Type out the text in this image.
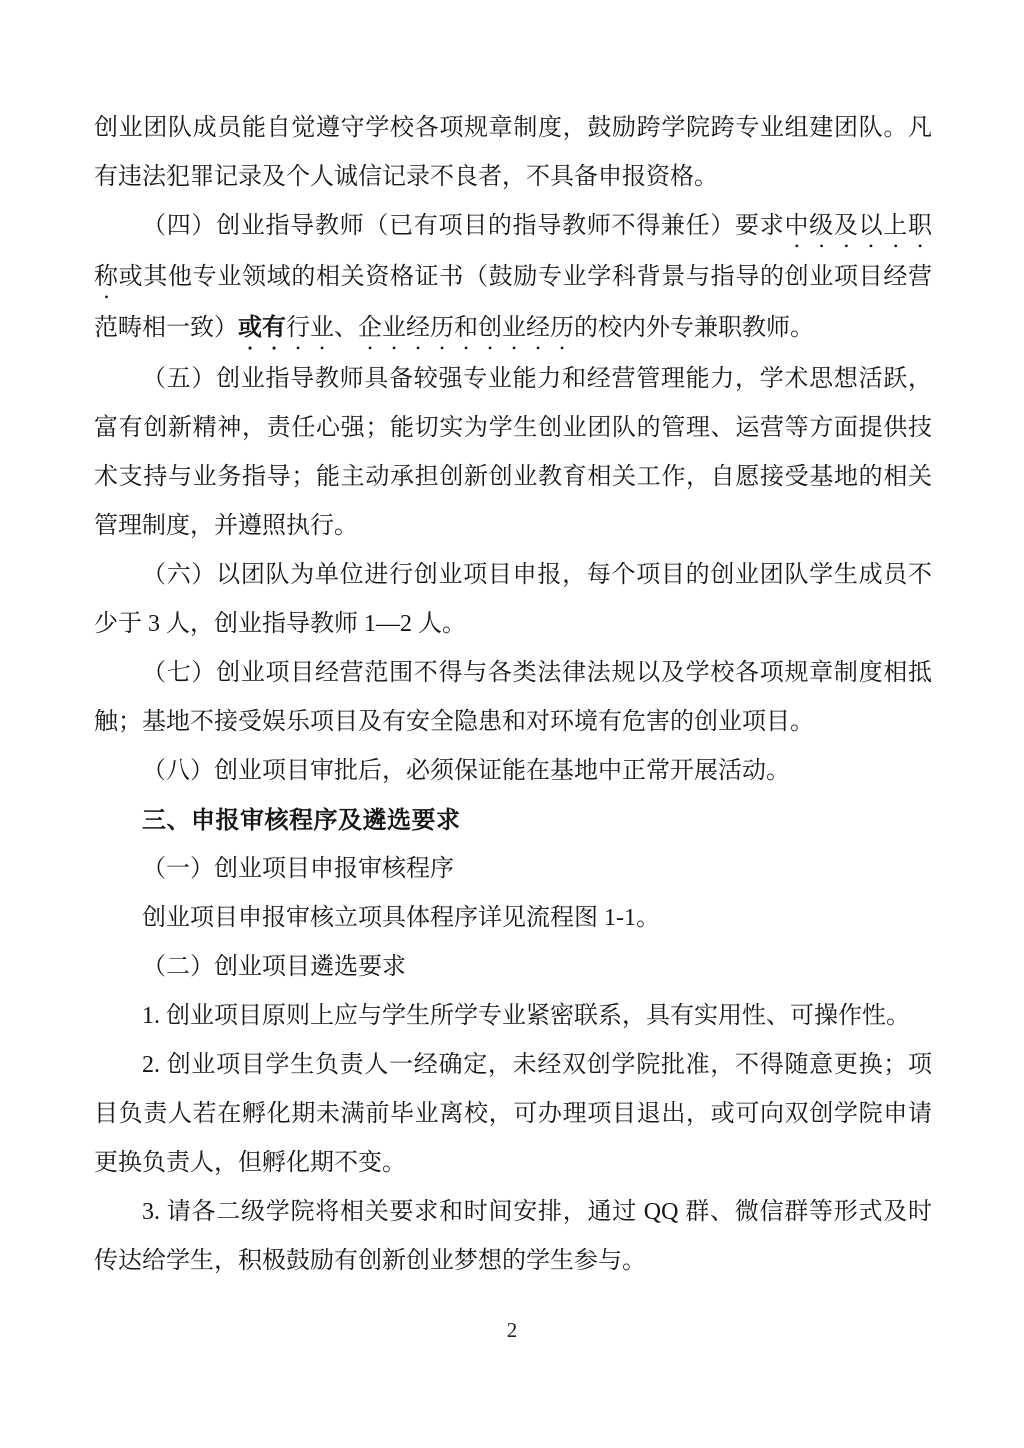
创业团队成员能自觉遵守学校各项规章制度，鼓励跨学院跨专业组建团队。凡有违法犯罪记录及个人诚信记录不良者，不具备申报资格。

（四）创业指导教师（已有项目的指导教师不得兼任）要求中级及以上职称或其他专业领域的相关资格证书（鼓励专业学科背景与指导的创业项目经营范畴相一致）或有行业、企业经历和创业经历的校内外专兼职教师。

（五）创业指导教师具备较强专业能力和经营管理能力，学术思想活跃，富有创新精神，责任心强；能切实为学生创业团队的管理、运营等方面提供技术支持与业务指导；能主动承担创新创业教育相关工作，自愿接受基地的相关管理制度，并遵照执行。

（六）以团队为单位进行创业项目申报，每个项目的创业团队学生成员不少于 3 人，创业指导教师 1—2 人。

（七）创业项目经营范围不得与各类法律法规以及学校各项规章制度相抵触；基地不接受娱乐项目及有安全隐患和对环境有危害的创业项目。

（八）创业项目审批后，必须保证能在基地中正常开展活动。

三、申报审核程序及遴选要求

（一）创业项目申报审核程序

创业项目申报审核立项具体程序详见流程图 1-1。

（二）创业项目遴选要求

1. 创业项目原则上应与学生所学专业紧密联系，具有实用性、可操作性。

2. 创业项目学生负责人一经确定，未经双创学院批准，不得随意更换；项目负责人若在孵化期未满前毕业离校，可办理项目退出，或可向双创学院申请更换负责人，但孵化期不变。

3. 请各二级学院将相关要求和时间安排，通过 QQ 群、微信群等形式及时传达给学生，积极鼓励有创新创业梦想的学生参与。

2
